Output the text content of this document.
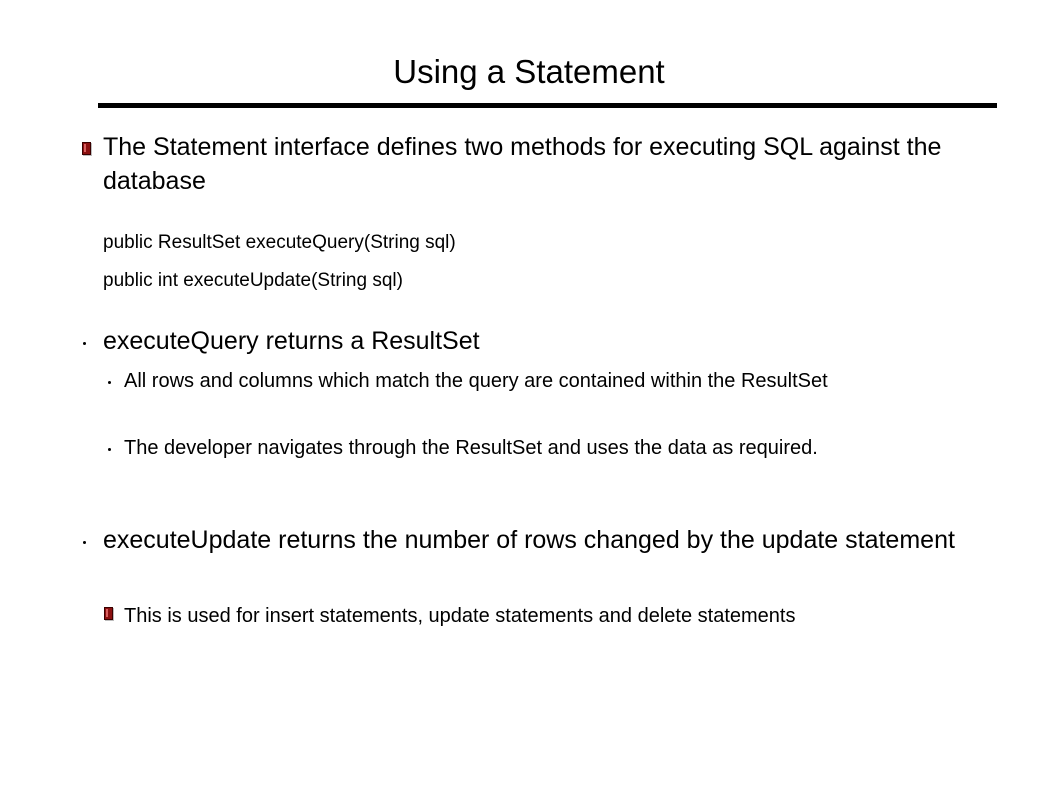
Using a Statement
The Statement interface defines two methods for executing SQL against the database
public ResultSet executeQuery(String sql)
public int executeUpdate(String sql)
executeQuery returns a ResultSet
All rows and columns which match the query are contained within the ResultSet
The developer navigates through the ResultSet and uses the data as required.
executeUpdate returns the number of rows changed by the update statement
This is used for insert statements, update statements and delete statements
